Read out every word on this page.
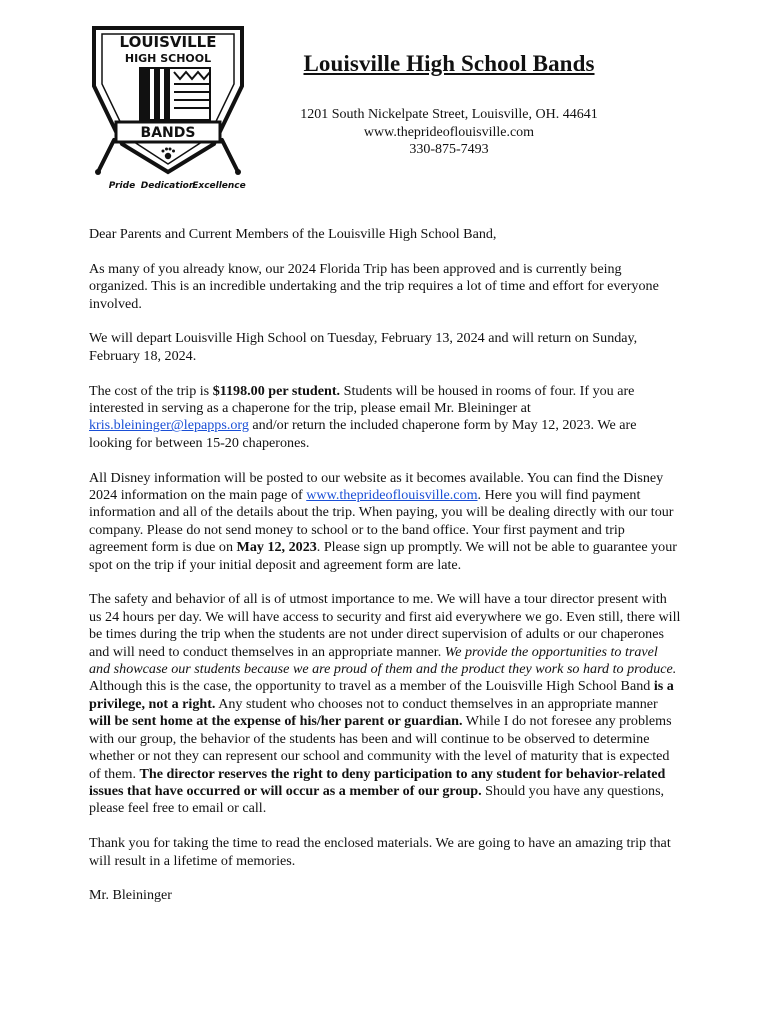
LOUISVILLE
HIGH SCHOOL
BANDS
Pride Dedication
Excellence
Louisville High School Bands
1201 South Nickelpate Street, Louisville, OH. 44641
www.theprideoflouisville.com
330-875-7493

Dear Parents and Current Members of the Louisville High School Band,

As many of you already know, our 2024 Florida Trip has been approved and is currently being organized. This is an incredible undertaking and the trip requires a lot of time and effort for everyone involved.

We will depart Louisville High School on Tuesday, February 13, 2024 and will return on Sunday, February 18, 2024.

The cost of the trip is $1198.00 per student. Students will be housed in rooms of four. If you are interested in serving as a chaperone for the trip, please email Mr. Bleininger at kris.bleininger@lepapps.org and/or return the included chaperone form by May 12, 2023. We are looking for between 15-20 chaperones.

All Disney information will be posted to our website as it becomes available. You can find the Disney 2024 information on the main page of www.theprideoflouisville.com. Here you will find payment information and all of the details about the trip. When paying, you will be dealing directly with our tour company. Please do not send money to school or to the band office. Your first payment and trip agreement form is due on May 12, 2023. Please sign up promptly. We will not be able to guarantee your spot on the trip if your initial deposit and agreement form are late.

The safety and behavior of all is of utmost importance to me. We will have a tour director present with us 24 hours per day. We will have access to security and first aid everywhere we go. Even still, there will be times during the trip when the students are not under direct supervision of adults or our chaperones and will need to conduct themselves in an appropriate manner. We provide the opportunities to travel and showcase our students because we are proud of them and the product they work so hard to produce. Although this is the case, the opportunity to travel as a member of the Louisville High School Band is a privilege, not a right. Any student who chooses not to conduct themselves in an appropriate manner will be sent home at the expense of his/her parent or guardian. While I do not foresee any problems with our group, the behavior of the students has been and will continue to be observed to determine whether or not they can represent our school and community with the level of maturity that is expected of them. The director reserves the right to deny participation to any student for behavior-related issues that have occurred or will occur as a member of our group. Should you have any questions, please feel free to email or call.

Thank you for taking the time to read the enclosed materials. We are going to have an amazing trip that will result in a lifetime of memories.

Mr. Bleininger
